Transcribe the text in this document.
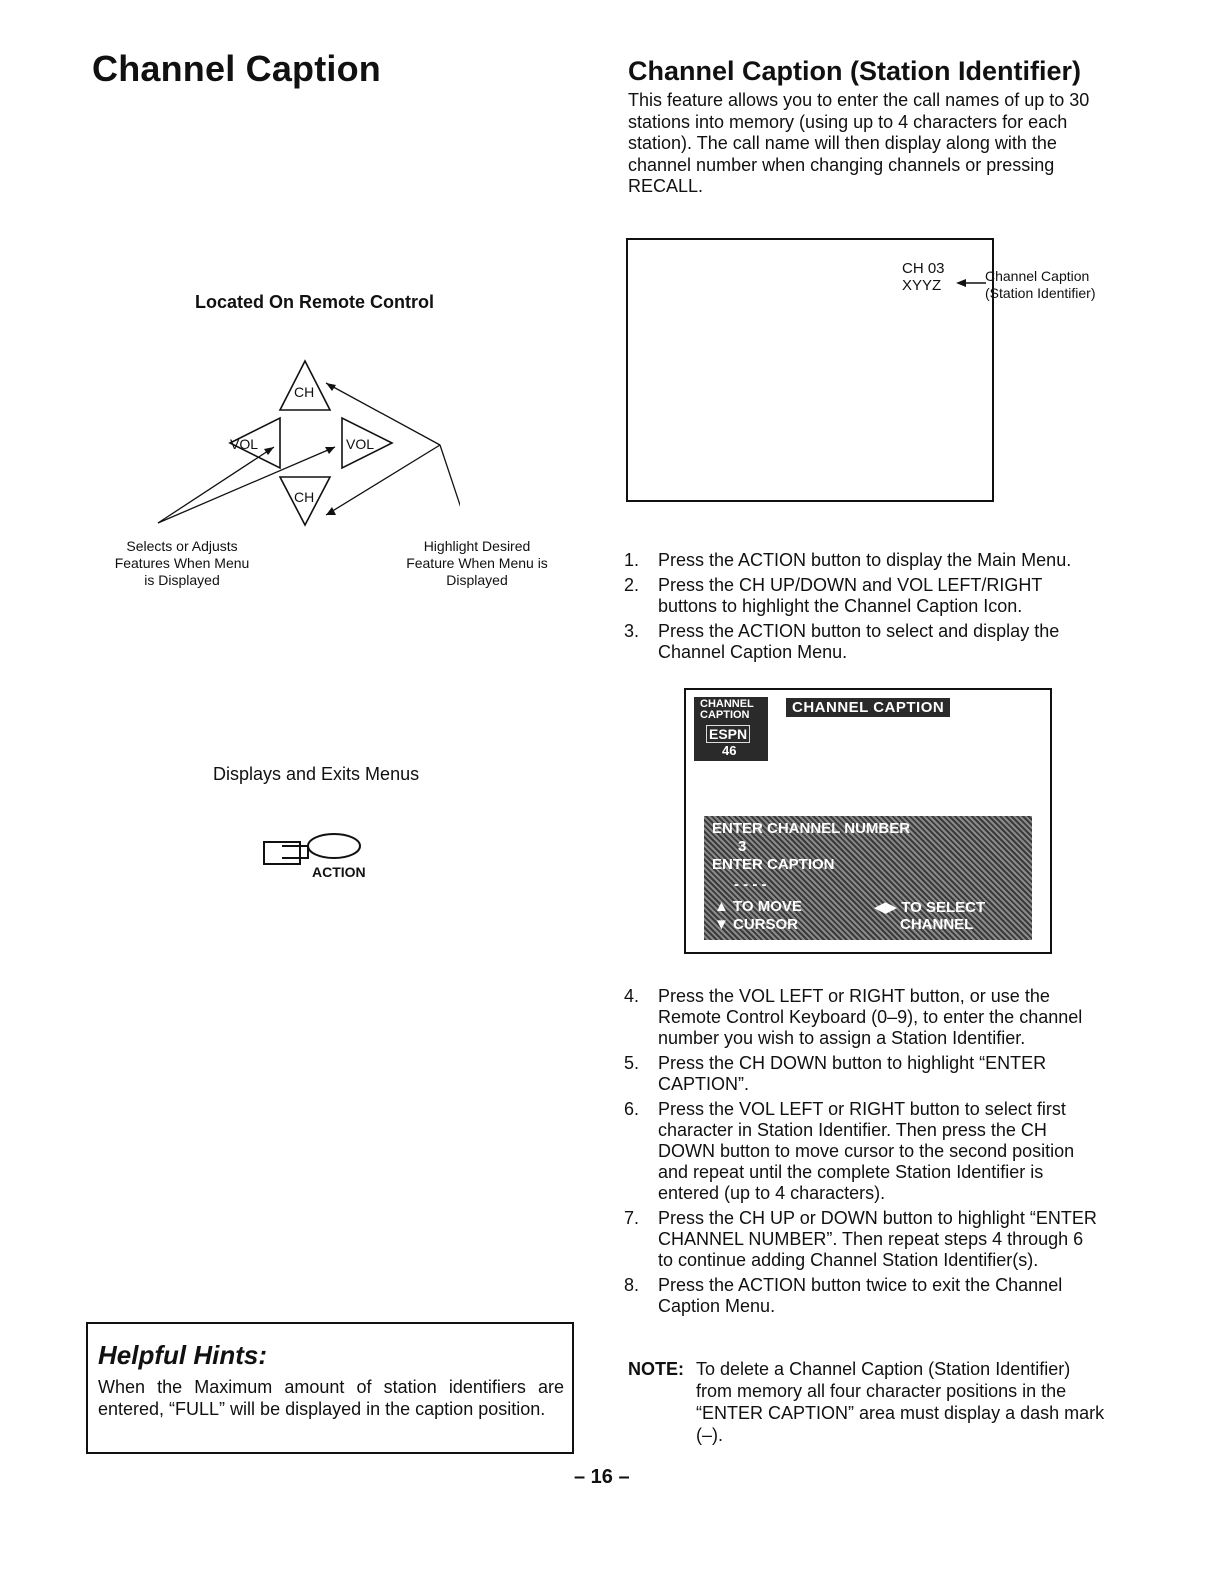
Channel Caption	Channel Caption (Station Identifier)

This feature allows you to enter the call names of up to 30 stations into memory (using up to 4 characters for each station). The call name will then display along with the channel number when changing channels or pressing RECALL.

Located On Remote Control
CH
VOL	VOL
CH
Selects or Adjusts Features When Menu is Displayed
Highlight Desired Feature When Menu is Displayed
Displays and Exits Menus
ACTION
CH 03
XYYZ
Channel Caption
(Station Identifier)
1. Press the ACTION button to display the Main Menu.
2. Press the CH UP/DOWN and VOL LEFT/RIGHT buttons to highlight the Channel Caption Icon.
3. Press the ACTION button to select and display the Channel Caption Menu.
CHANNEL CAPTION
ESPN
46
CHANNEL CAPTION
ENTER CHANNEL NUMBER
3
ENTER CAPTION
- - - -
▲ TO MOVE
▼ CURSOR
◀▶ TO SELECT
CHANNEL
4. Press the VOL LEFT or RIGHT button, or use the Remote Control Keyboard (0–9), to enter the channel number you wish to assign a Station Identifier.
5. Press the CH DOWN button to highlight “ENTER CAPTION”.
6. Press the VOL LEFT or RIGHT button to select first character in Station Identifier. Then press the CH DOWN button to move cursor to the second position and repeat until the complete Station Identifier is entered (up to 4 characters).
7. Press the CH UP or DOWN button to highlight “ENTER CHANNEL NUMBER”. Then repeat steps 4 through 6 to continue adding Channel Station Identifier(s).
8. Press the ACTION button twice to exit the Channel Caption Menu.
NOTE: To delete a Channel Caption (Station Identifier) from memory all four character positions in the “ENTER CAPTION” area must display a dash mark (–).
Helpful Hints:
When the Maximum amount of station identifiers are entered, “FULL” will be displayed in the caption position.
– 16 –
